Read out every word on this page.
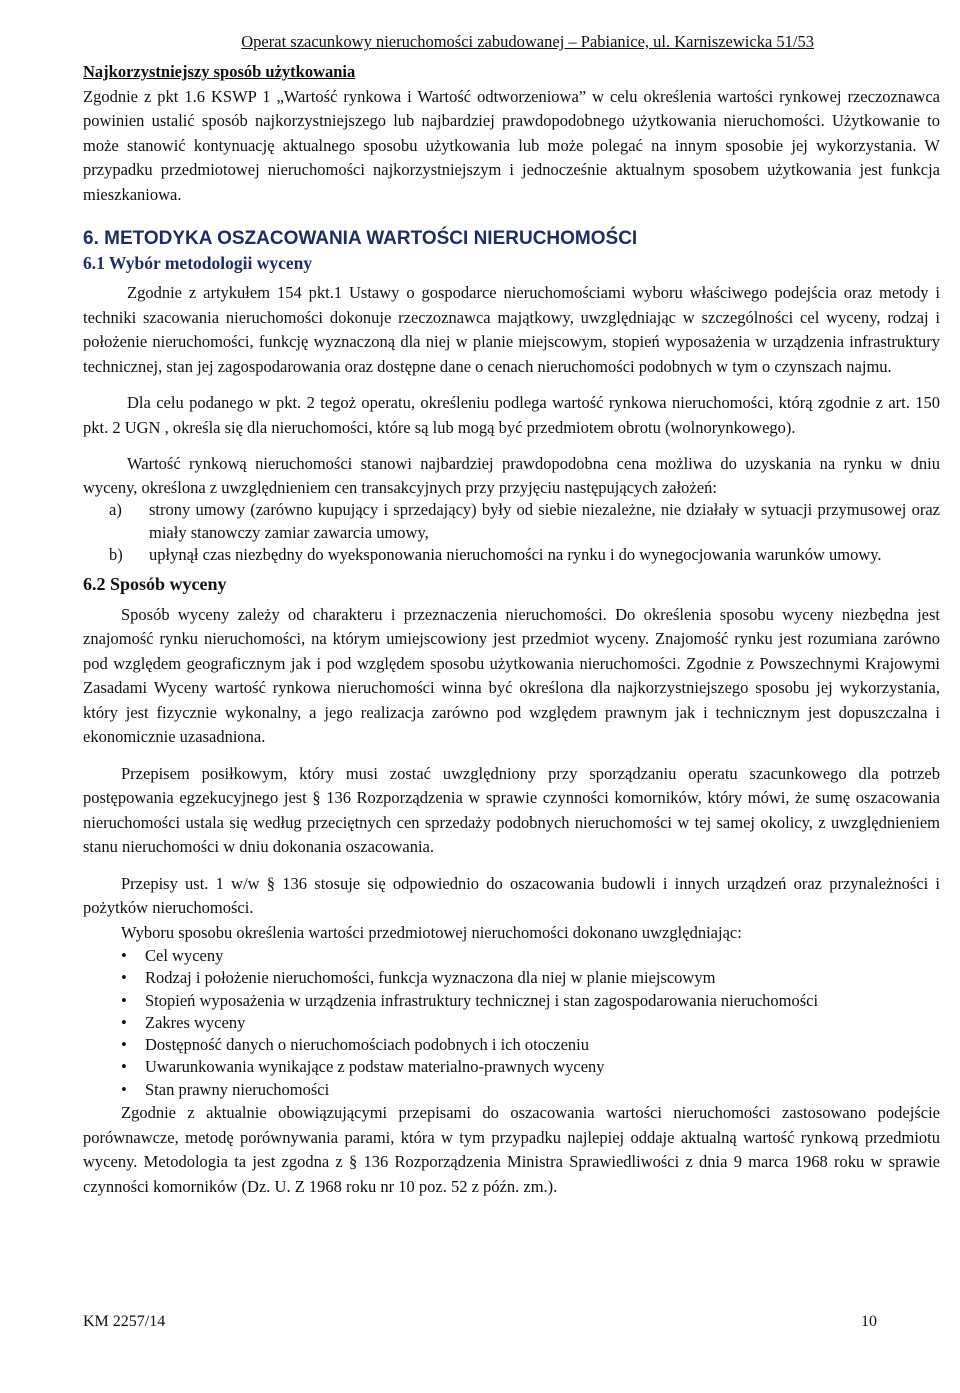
Operat szacunkowy nieruchomości zabudowanej – Pabianice, ul. Karniszewicka 51/53

Najkorzystniejszy sposób użytkowania

Zgodnie z pkt 1.6 KSWP 1 „Wartość rynkowa i Wartość odtworzeniowa” w celu określenia wartości rynkowej rzeczoznawca powinien ustalić sposób najkorzystniejszego lub najbardziej prawdopodobnego użytkowania nieruchomości. Użytkowanie to może stanowić kontynuację aktualnego sposobu użytkowania lub może polegać na innym sposobie jej wykorzystania. W przypadku przedmiotowej nieruchomości najkorzystniejszym i jednocześnie aktualnym sposobem użytkowania jest funkcja mieszkaniowa.

6. METODYKA OSZACOWANIA WARTOŚCI NIERUCHOMOŚCI
6.1 Wybór metodologii wyceny

Zgodnie z artykułem 154 pkt.1 Ustawy o gospodarce nieruchomościami wyboru właściwego podejścia oraz metody i techniki szacowania nieruchomości dokonuje rzeczoznawca majątkowy, uwzględniając w szczególności cel wyceny, rodzaj i położenie nieruchomości, funkcję wyznaczoną dla niej w planie miejscowym, stopień wyposażenia w urządzenia infrastruktury technicznej, stan jej zagospodarowania oraz dostępne dane o cenach nieruchomości podobnych w tym o czynszach najmu.

Dla celu podanego w pkt. 2 tegoż operatu, określeniu podlega wartość rynkowa nieruchomości, którą zgodnie z art. 150 pkt. 2 UGN , określa się dla nieruchomości, które są lub mogą być przedmiotem obrotu (wolnorynkowego).

Wartość rynkową nieruchomości stanowi najbardziej prawdopodobna cena możliwa do uzyskania na rynku w dniu wyceny, określona z uwzględnieniem cen transakcyjnych przy przyjęciu następujących założeń:

a) strony umowy (zarówno kupujący i sprzedający) były od siebie niezależne, nie działały w sytuacji przymusowej oraz miały stanowczy zamiar zawarcia umowy,
b) upłynął czas niezbędny do wyeksponowania nieruchomości na rynku i do wynegocjowania warunków umowy.
6.2 Sposób wyceny

Sposób wyceny zależy od charakteru i przeznaczenia nieruchomości. Do określenia sposobu wyceny niezbędna jest znajomość rynku nieruchomości, na którym umiejscowiony jest przedmiot wyceny. Znajomość rynku jest rozumiana zarówno pod względem geograficznym jak i pod względem sposobu użytkowania nieruchomości. Zgodnie z Powszechnymi Krajowymi Zasadami Wyceny wartość rynkowa nieruchomości winna być określona dla najkorzystniejszego sposobu jej wykorzystania, który jest fizycznie wykonalny, a jego realizacja zarówno pod względem prawnym jak i technicznym jest dopuszczalna i ekonomicznie uzasadniona.

Przepisem posiłkowym, który musi zostać uwzględniony przy sporządzaniu operatu szacunkowego dla potrzeb postępowania egzekucyjnego jest § 136 Rozporządzenia w sprawie czynności komorników, który mówi, że sumę oszacowania nieruchomości ustala się według przeciętnych cen sprzedaży podobnych nieruchomości w tej samej okolicy, z uwzględnieniem stanu nieruchomości w dniu dokonania oszacowania.

Przepisy ust. 1 w/w § 136 stosuje się odpowiednio do oszacowania budowli i innych urządzeń oraz przynależności i pożytków nieruchomości.

Wyboru sposobu określenia wartości przedmiotowej nieruchomości dokonano uwzględniając:

• Cel wyceny
• Rodzaj i położenie nieruchomości, funkcja wyznaczona dla niej w planie miejscowym
• Stopień wyposażenia w urządzenia infrastruktury technicznej i stan zagospodarowania nieruchomości
• Zakres wyceny
• Dostępność danych o nieruchomościach podobnych i ich otoczeniu
• Uwarunkowania wynikające z podstaw materialno-prawnych wyceny
• Stan prawny nieruchomości

Zgodnie z aktualnie obowiązującymi przepisami do oszacowania wartości nieruchomości zastosowano podejście porównawcze, metodę porównywania parami, która w tym przypadku najlepiej oddaje aktualną wartość rynkową przedmiotu wyceny. Metodologia ta jest zgodna z § 136 Rozporządzenia Ministra Sprawiedliwości z dnia 9 marca 1968 roku w sprawie czynności komorników (Dz. U. Z 1968 roku nr 10 poz. 52 z późn. zm.).

KM 2257/14	10
